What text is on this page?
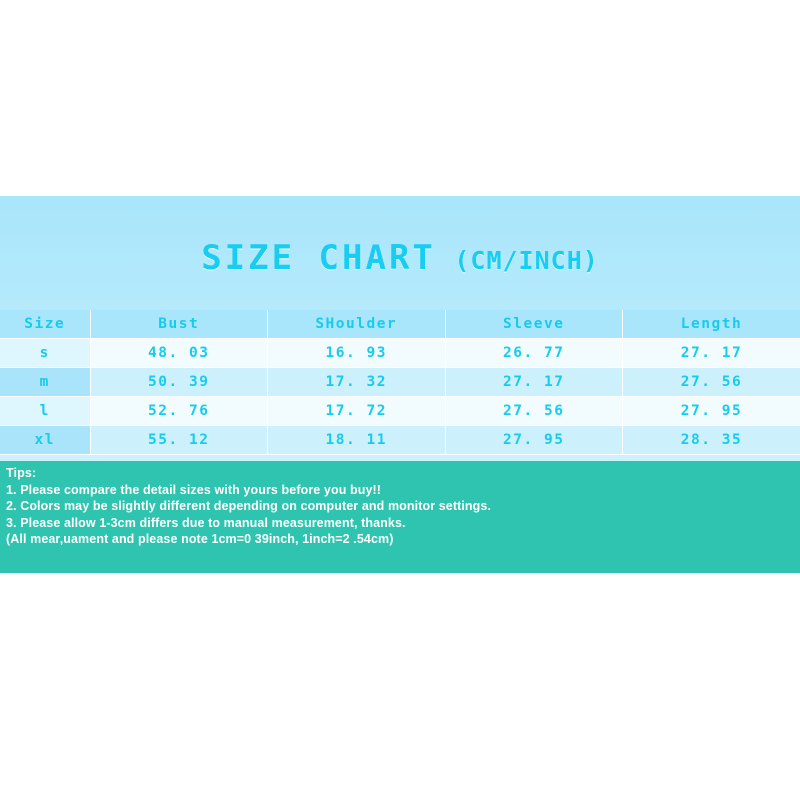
SIZE CHART (CM/INCH)
Size	Bust	SHoulder	Sleeve	Length
s	48. 03	16. 93	26. 77	27. 17
m	50. 39	17. 32	27. 17	27. 56
l	52. 76	17. 72	27. 56	27. 95
xl	55. 12	18. 11	27. 95	28. 35
Tips:
1. Please compare the detail sizes with yours before you buy!!
2. Colors may be slightly different depending on computer and monitor settings.
3. Please allow 1-3cm differs due to manual measurement, thanks.
(All mear,uament and please note 1cm=0 39inch, 1inch=2 .54cm)
